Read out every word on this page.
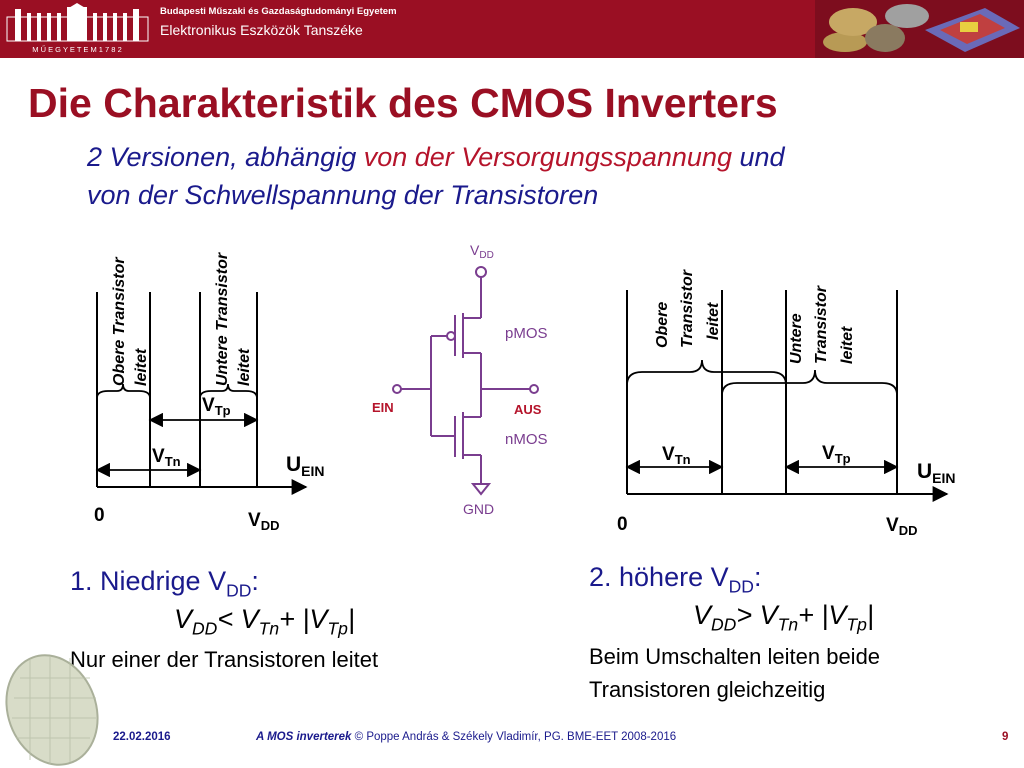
M Ű E G Y E T E M 1 7 8 2
Budapesti Műszaki és Gazdaságtudományi Egyetem
Elektronikus Eszközök Tanszéke
Die Charakteristik des CMOS Inverters
2 Versionen, abhängig von der Versorgungsspannung und
von der Schwellspannung der Transistoren
Obere Transistor leitet	Untere Transistor leitet
$V_{Tp}$
$V_{Tn}$	$U_{EIN}$
0	$V_{DD}$
$V_{DD}$
pMOS
nMOS
EIN	AUS
GND
Obere Transistor leitet	Untere Transistor leitet
$V_{Tn}$	$V_{Tp}$
$U_{EIN}$
0	$V_{DD}$
1. Niedrige $V_{DD}$:
$V_{DD}< V_{Tn}+ |V_{Tp}|$
Nur einer der Transistoren leitet
2. höhere $V_{DD}$:
$V_{DD}> V_{Tn}+ |V_{Tp}|$
Beim Umschalten leiten beide
Transistoren gleichzeitig
22.02.2016	A MOS inverterek © Poppe András & Székely Vladimír, PG. BME-EET 2008-2016	9
